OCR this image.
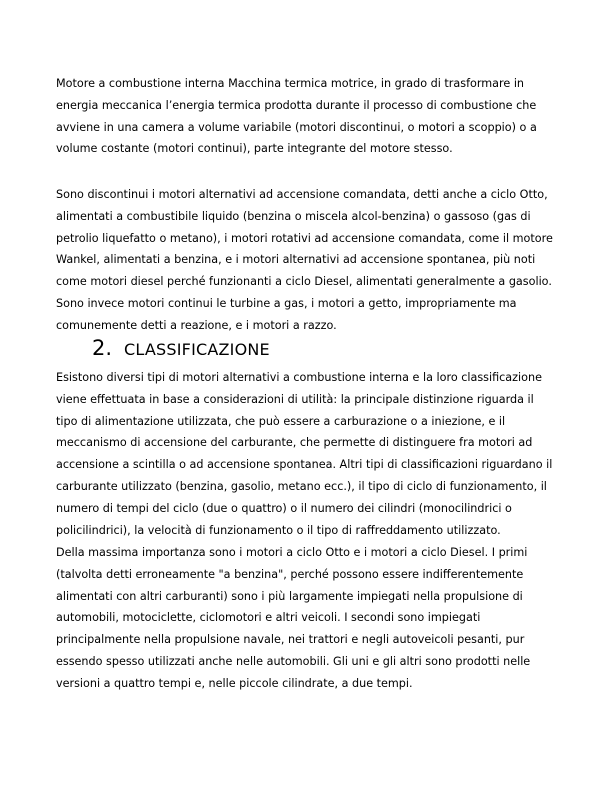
Motore a combustione interna Macchina termica motrice, in grado di trasformare in energia meccanica l’energia termica prodotta durante il processo di combustione che avviene in una camera a volume variabile (motori discontinui, o motori a scoppio) o a volume costante (motori continui), parte integrante del motore stesso.

Sono discontinui i motori alternativi ad accensione comandata, detti anche a ciclo Otto, alimentati a combustibile liquido (benzina o miscela alcol-benzina) o gassoso (gas di petrolio liquefatto o metano), i motori rotativi ad accensione comandata, come il motore Wankel, alimentati a benzina, e i motori alternativi ad accensione spontanea, più noti come motori diesel perché funzionanti a ciclo Diesel, alimentati generalmente a gasolio. Sono invece motori continui le turbine a gas, i motori a getto, impropriamente ma comunemente detti a reazione, e i motori a razzo.

2. CLASSIFICAZIONE

Esistono diversi tipi di motori alternativi a combustione interna e la loro classificazione viene effettuata in base a considerazioni di utilità: la principale distinzione riguarda il tipo di alimentazione utilizzata, che può essere a carburazione o a iniezione, e il meccanismo di accensione del carburante, che permette di distinguere fra motori ad accensione a scintilla o ad accensione spontanea. Altri tipi di classificazioni riguardano il carburante utilizzato (benzina, gasolio, metano ecc.), il tipo di ciclo di funzionamento, il numero di tempi del ciclo (due o quattro) o il numero dei cilindri (monocilindrici o policilindrici), la velocità di funzionamento o il tipo di raffreddamento utilizzato.

Della massima importanza sono i motori a ciclo Otto e i motori a ciclo Diesel. I primi (talvolta detti erroneamente "a benzina", perché possono essere indifferentemente alimentati con altri carburanti) sono i più largamente impiegati nella propulsione di automobili, motociclette, ciclomotori e altri veicoli. I secondi sono impiegati principalmente nella propulsione navale, nei trattori e negli autoveicoli pesanti, pur essendo spesso utilizzati anche nelle automobili. Gli uni e gli altri sono prodotti nelle versioni a quattro tempi e, nelle piccole cilindrate, a due tempi.
